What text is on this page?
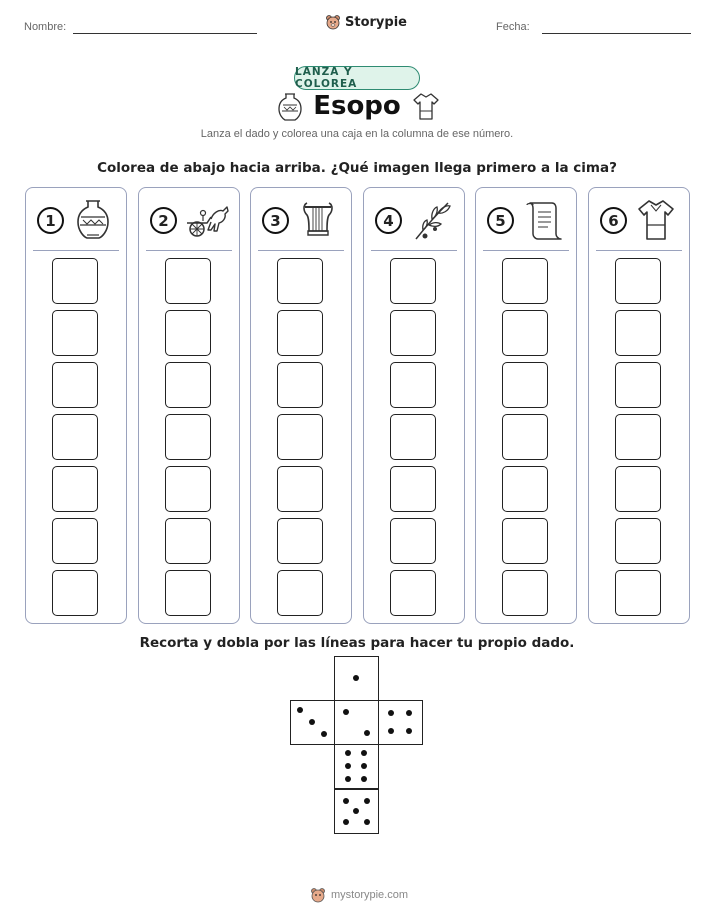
Nombre:	Storypie	Fecha:
LANZA Y COLOREA
Esopo
Lanza el dado y colorea una caja en la columna de ese número.
Colorea de abajo hacia arriba. ¿Qué imagen llega primero a la cima?
1	2	3	4	5	6
Recorta y dobla por las líneas para hacer tu propio dado.
mystorypie.com
